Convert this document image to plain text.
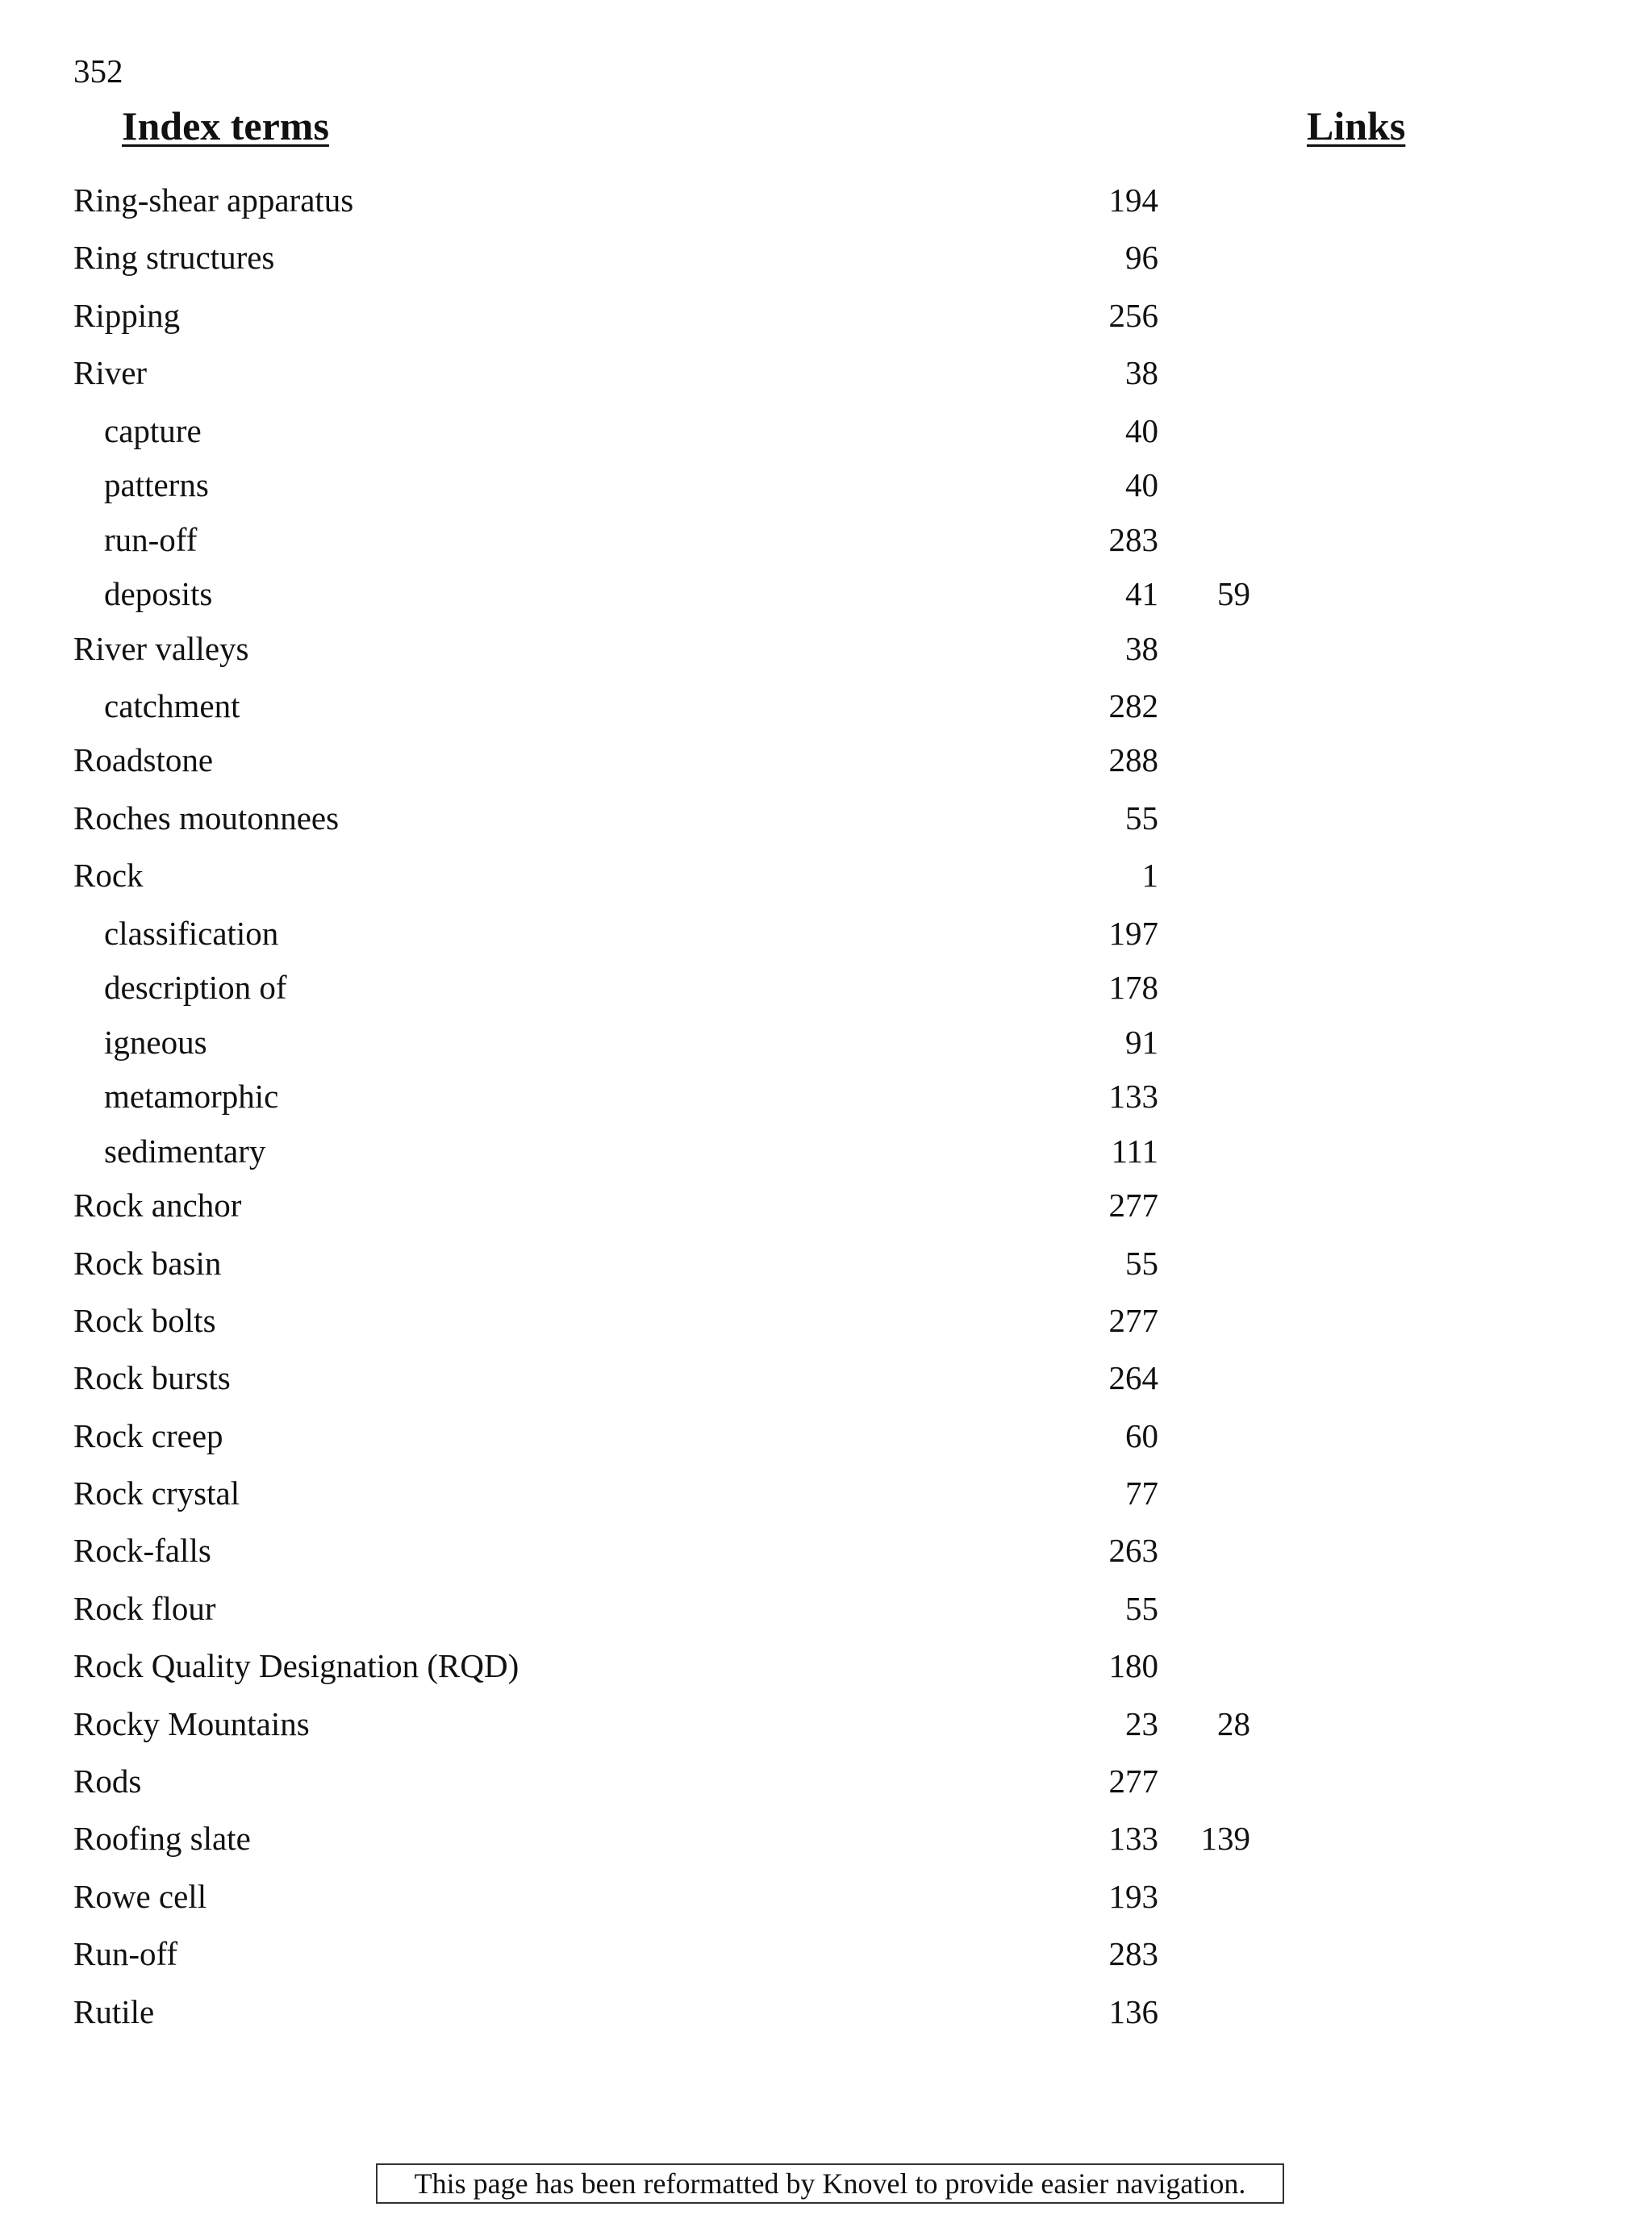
352
Index terms	Links
Ring-shear apparatus	194
Ring structures	96
Ripping	256
River	38
capture	40
patterns	40
run-off	283
deposits	41 59
River valleys	38
catchment	282
Roadstone	288
Roches moutonnees	55
Rock	1
classification	197
description of	178
igneous	91
metamorphic	133
sedimentary	111
Rock anchor	277
Rock basin	55
Rock bolts	277
Rock bursts	264
Rock creep	60
Rock crystal	77
Rock-falls	263
Rock flour	55
Rock Quality Designation (RQD)	180
Rocky Mountains	23 28
Rods	277
Roofing slate	133 139
Rowe cell	193
Run-off	283
Rutile	136
This page has been reformatted by Knovel to provide easier navigation.
